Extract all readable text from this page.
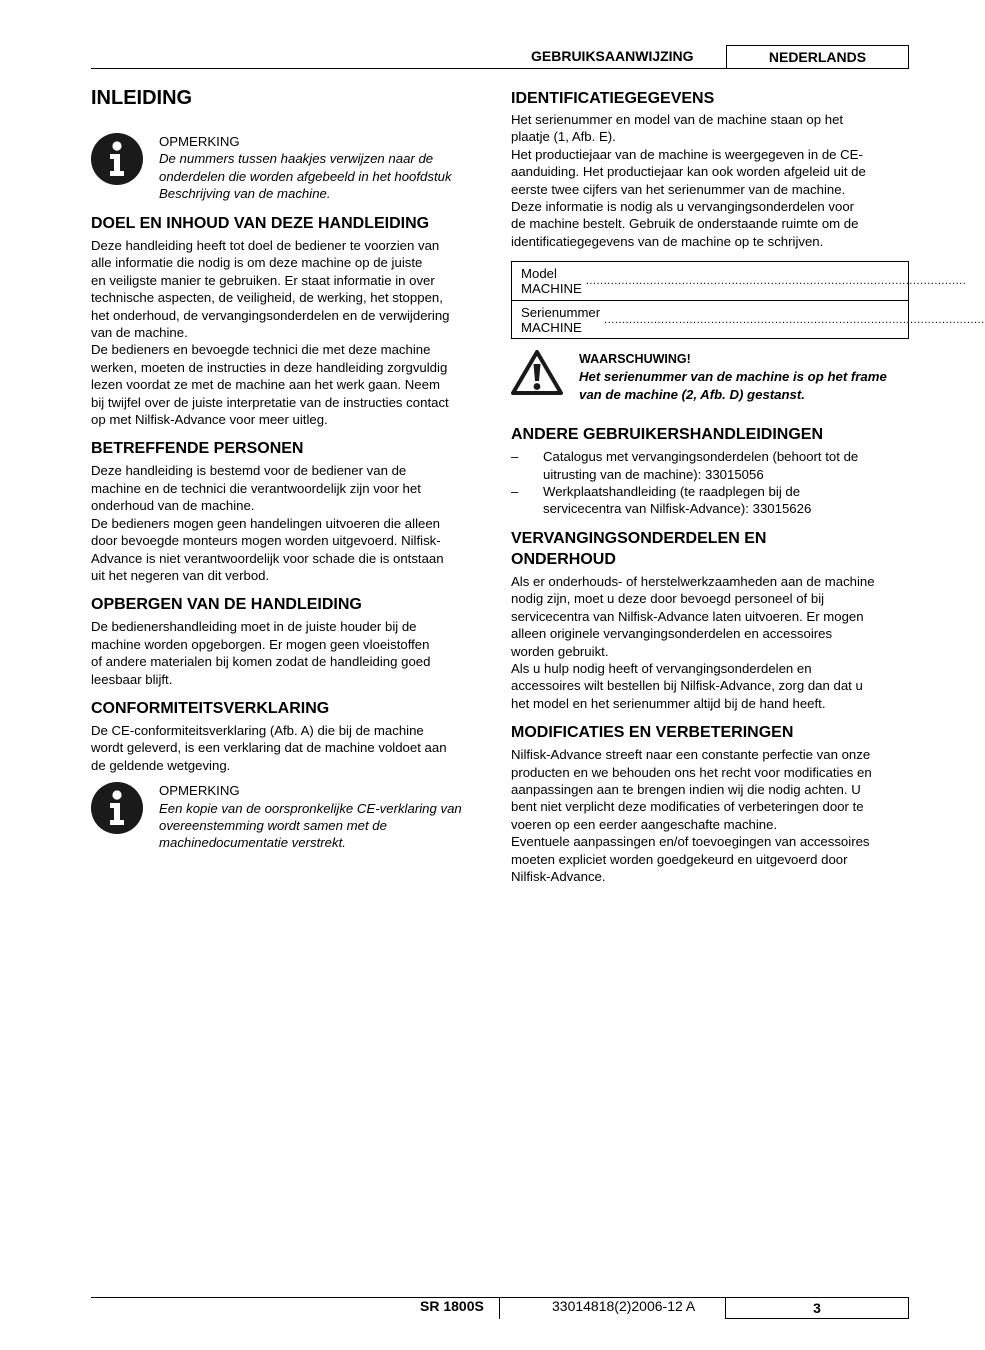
GEBRUIKSAANWIJZING	NEDERLANDS
INLEIDING
OPMERKING
De nummers tussen haakjes verwijzen naar de onderdelen die worden afgebeeld in het hoofdstuk Beschrijving van de machine.
DOEL EN INHOUD VAN DEZE HANDLEIDING
Deze handleiding heeft tot doel de bediener te voorzien van
alle informatie die nodig is om deze machine op de juiste
en veiligste manier te gebruiken. Er staat informatie in over
technische aspecten, de veiligheid, de werking, het stoppen,
het onderhoud, de vervangingsonderdelen en de verwijdering
van de machine.
De bedieners en bevoegde technici die met deze machine
werken, moeten de instructies in deze handleiding zorgvuldig
lezen voordat ze met de machine aan het werk gaan. Neem
bij twijfel over de juiste interpretatie van de instructies contact
op met Nilfisk-Advance voor meer uitleg.
BETREFFENDE PERSONEN
Deze handleiding is bestemd voor de bediener van de
machine en de technici die verantwoordelijk zijn voor het
onderhoud van de machine.
De bedieners mogen geen handelingen uitvoeren die alleen
door bevoegde monteurs mogen worden uitgevoerd. Nilfisk-
Advance is niet verantwoordelijk voor schade die is ontstaan
uit het negeren van dit verbod.
OPBERGEN VAN DE HANDLEIDING
De bedienershandleiding moet in de juiste houder bij de
machine worden opgeborgen. Er mogen geen vloeistoffen
of andere materialen bij komen zodat de handleiding goed
leesbaar blijft.
CONFORMITEITSVERKLARING
De CE-conformiteitsverklaring (Afb. A) die bij de machine
wordt geleverd, is een verklaring dat de machine voldoet aan
de geldende wetgeving.
OPMERKING
Een kopie van de oorspronkelijke CE-verklaring van overeenstemming wordt samen met de machinedocumentatie verstrekt.
IDENTIFICATIEGEGEVENS
Het serienummer en model van de machine staan op het
plaatje (1, Afb. E).
Het productiejaar van de machine is weergegeven in de CE-
aanduiding. Het productiejaar kan ook worden afgeleid uit de
eerste twee cijfers van het serienummer van de machine.
Deze informatie is nodig als u vervangingsonderdelen voor
de machine bestelt. Gebruik de onderstaande ruimte om de
identificatiegegevens van de machine op te schrijven.
Model MACHINE ...........................................................................................................
Serienummer MACHINE	...........................................................................................................
WAARSCHUWING!
Het serienummer van de machine is op het frame van de machine (2, Afb. D) gestanst.
ANDERE GEBRUIKERSHANDLEIDINGEN
– Catalogus met vervangingsonderdelen (behoort tot de
uitrusting van de machine): 33015056
– Werkplaatshandleiding (te raadplegen bij de
servicecentra van Nilfisk-Advance): 33015626
VERVANGINGSONDERDELEN EN
ONDERHOUD
Als er onderhouds- of herstelwerkzaamheden aan de machine
nodig zijn, moet u deze door bevoegd personeel of bij
servicecentra van Nilfisk-Advance laten uitvoeren. Er mogen
alleen originele vervangingsonderdelen en accessoires
worden gebruikt.
Als u hulp nodig heeft of vervangingsonderdelen en
accessoires wilt bestellen bij Nilfisk-Advance, zorg dan dat u
het model en het serienummer altijd bij de hand heeft.
MODIFICATIES EN VERBETERINGEN
Nilfisk-Advance streeft naar een constante perfectie van onze
producten en we behouden ons het recht voor modificaties en
aanpassingen aan te brengen indien wij die nodig achten. U
bent niet verplicht deze modificaties of verbeteringen door te
voeren op een eerder aangeschafte machine.
Eventuele aanpassingen en/of toevoegingen van accessoires
moeten expliciet worden goedgekeurd en uitgevoerd door
Nilfisk-Advance.
SR 1800S	33014818(2)2006-12 A	3
